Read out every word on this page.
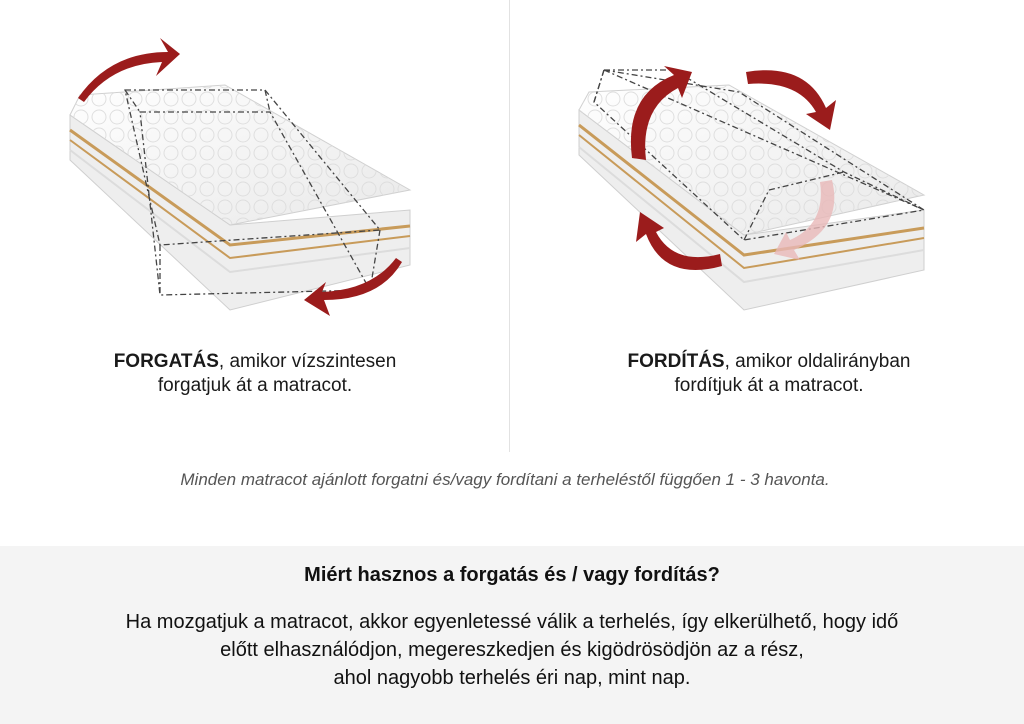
FORGATÁS, amikor vízszintesen
forgatjuk át a matracot.
FORDÍTÁS, amikor oldalirányban
fordítjuk át a matracot.
Minden matracot ajánlott forgatni és/vagy fordítani a terheléstől függően 1 - 3 havonta.
Miért hasznos a forgatás és / vagy fordítás?
Ha mozgatjuk a matracot, akkor egyenletessé válik a terhelés, így elkerülhető, hogy idő
előtt elhasználódjon, megereszkedjen és kigödrösödjön az a rész,
ahol nagyobb terhelés éri nap, mint nap.
